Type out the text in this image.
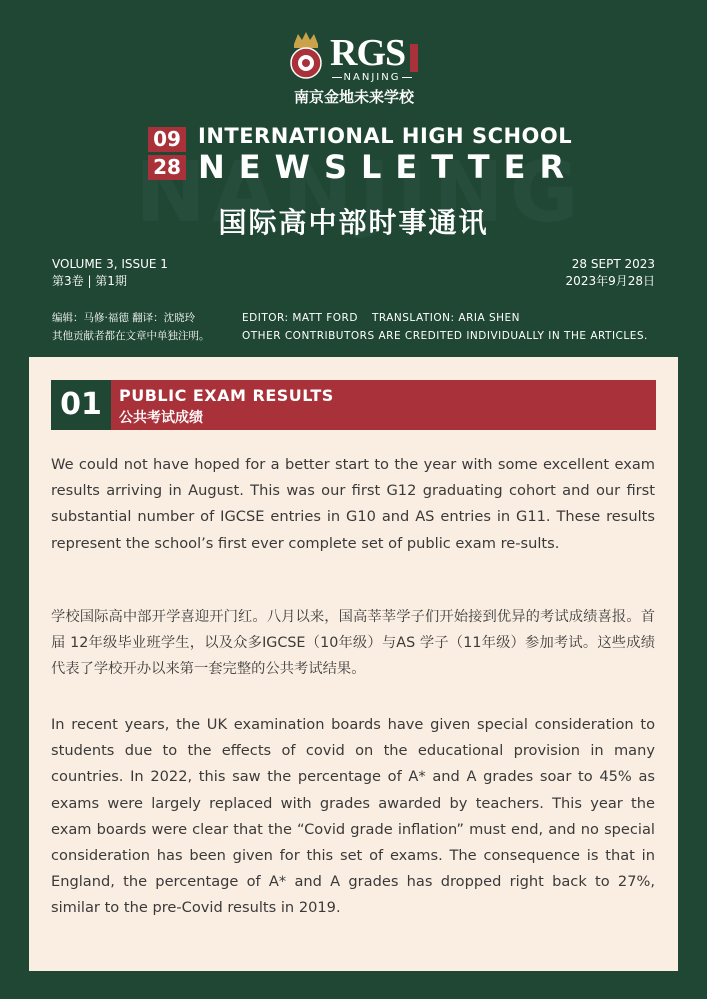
RGS
NANJING
南京金地未来学校
09
28
INTERNATIONAL HIGH SCHOOL
NEWSLETTER
国际高中部时事通讯
VOLUME 3, ISSUE 1
第3卷 | 第1期
28 SEPT 2023
2023年9月28日
编辑：马修·福德 翻译：沈晓玲
其他贡献者都在文章中单独注明。
EDITOR: MATT FORD TRANSLATION: ARIA SHEN
OTHER CONTRIBUTORS ARE CREDITED INDIVIDUALLY IN THE ARTICLES.
01	PUBLIC EXAM RESULTS
公共考试成绩

We could not have hoped for a better start to the year with some excellent exam results arriving in August. This was our first G12 graduating cohort and our first substantial number of IGCSE entries in G10 and AS entries in G11. These results represent the school’s first ever complete set of public exam re-sults.

学校国际高中部开学喜迎开门红。八月以来，国高莘莘学子们开始接到优异的考试成绩喜报。首届 12年级毕业班学生，以及众多IGCSE（10年级）与AS 学子（11年级）参加考试。这些成绩代表了学校开办以来第一套完整的公共考试结果。

In recent years, the UK examination boards have given special consideration to students due to the effects of covid on the educational provision in many countries. In 2022, this saw the percentage of A* and A grades soar to 45% as exams were largely replaced with grades awarded by teachers. This year the exam boards were clear that the “Covid grade inflation” must end, and no special consideration has been given for this set of exams. The consequence is that in England, the percentage of A* and A grades has dropped right back to 27%, similar to the pre-Covid results in 2019.
